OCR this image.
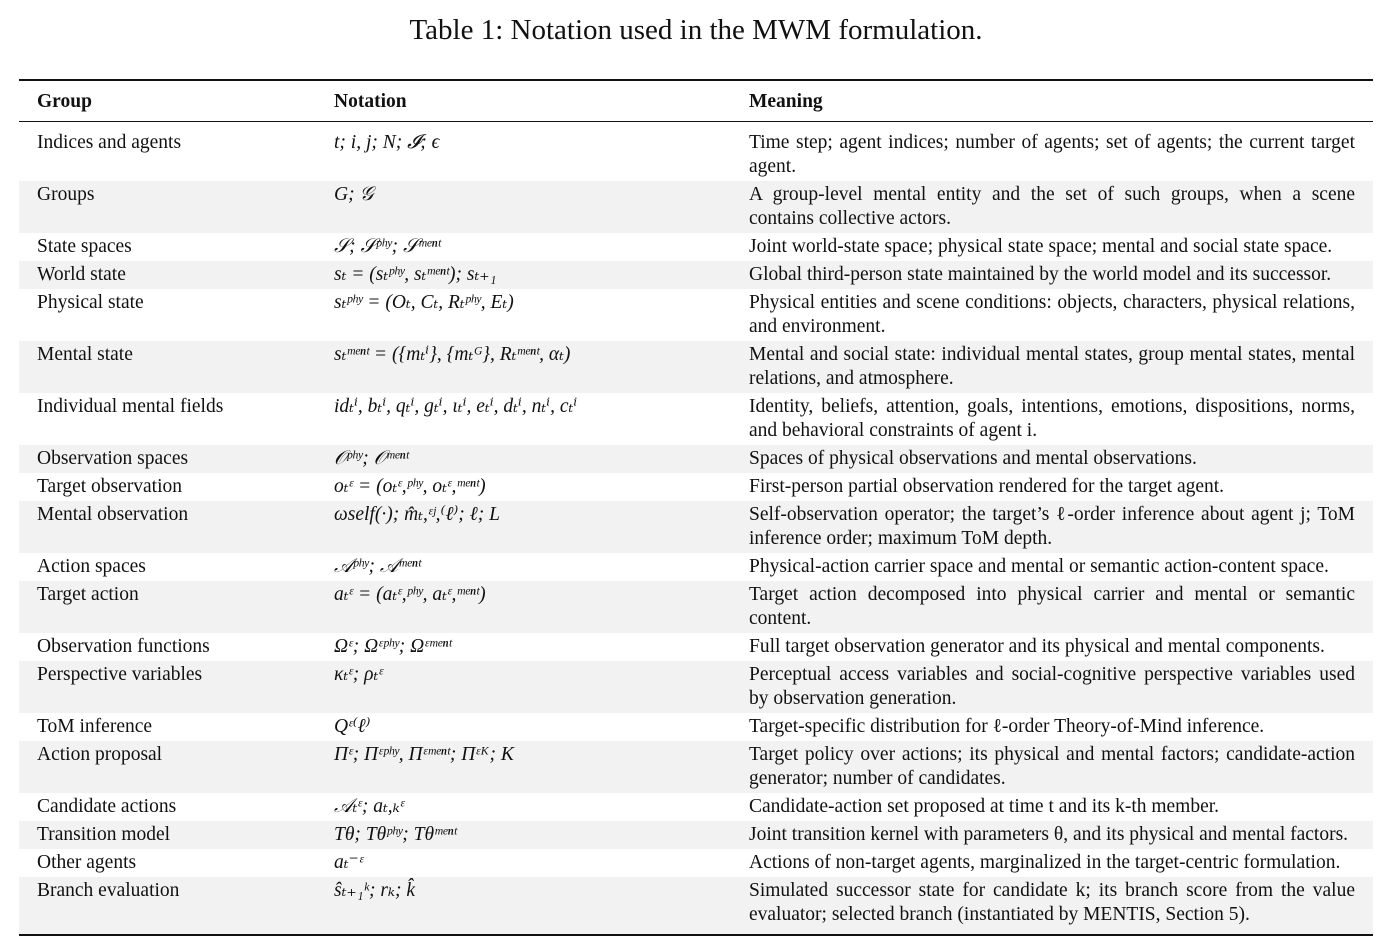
Table 1: Notation used in the MWM formulation.
Group	Notation	Meaning
Indices and agents	t; i, j; N; 𝓘; ϵ	Time step; agent indices; number of agents; set of agents; the current target agent.
Groups	G; 𝒢	A group-level mental entity and the set of such groups, when a scene contains collective actors.
State spaces	𝒮; 𝒮ᵖʰʸ; 𝒮ᵐᵉⁿᵗ	Joint world-state space; physical state space; mental and social state space.
World state	sₜ = (sₜᵖʰʸ, sₜᵐᵉⁿᵗ); sₜ₊₁	Global third-person state maintained by the world model and its successor.
Physical state	sₜᵖʰʸ = (Oₜ, Cₜ, Rₜᵖʰʸ, Eₜ)	Physical entities and scene conditions: objects, characters, physical relations, and environment.
Mental state	sₜᵐᵉⁿᵗ = ({mₜⁱ}, {mₜᴳ}, Rₜᵐᵉⁿᵗ, αₜ)	Mental and social state: individual mental states, group mental states, mental relations, and atmosphere.
Individual mental fields	idₜⁱ, bₜⁱ, qₜⁱ, gₜⁱ, ιₜⁱ, eₜⁱ, dₜⁱ, nₜⁱ, cₜⁱ	Identity, beliefs, attention, goals, intentions, emotions, dispositions, norms, and behavioral constraints of agent i.
Observation spaces	𝒪ᵖʰʸ; 𝒪ᵐᵉⁿᵗ	Spaces of physical observations and mental observations.
Target observation	oₜᵋ = (oₜᵋ,ᵖʰʸ, oₜᵋ,ᵐᵉⁿᵗ)	First-person partial observation rendered for the target agent.
Mental observation	ωself(·); m̂ₜ,ᵋʲ,⁽ℓ⁾; ℓ; L	Self-observation operator; the target’s ℓ-order inference about agent j; ToM inference order; maximum ToM depth.
Action spaces	𝒜ᵖʰʸ; 𝒜ᵐᵉⁿᵗ	Physical-action carrier space and mental or semantic action-content space.
Target action	aₜᵋ = (aₜᵋ,ᵖʰʸ, aₜᵋ,ᵐᵉⁿᵗ)	Target action decomposed into physical carrier and mental or semantic content.
Observation functions	Ωᵋ; Ωᵋᵖʰʸ; Ωᵋᵐᵉⁿᵗ	Full target observation generator and its physical and mental components.
Perspective variables	κₜᵋ; ρₜᵋ	Perceptual access variables and social-cognitive perspective variables used by observation generation.
ToM inference	Qᵋ⁽ℓ⁾	Target-specific distribution for ℓ-order Theory-of-Mind inference.
Action proposal	Πᵋ; Πᵋᵖʰʸ, Πᵋᵐᵉⁿᵗ; Πᵋᴷ; K	Target policy over actions; its physical and mental factors; candidate-action generator; number of candidates.
Candidate actions	𝒜ₜᵋ; aₜ,ₖᵋ	Candidate-action set proposed at time t and its k-th member.
Transition model	Tθ; Tθᵖʰʸ; Tθᵐᵉⁿᵗ	Joint transition kernel with parameters θ, and its physical and mental factors.
Other agents	aₜ⁻ᵋ	Actions of non-target agents, marginalized in the target-centric formulation.
Branch evaluation	ŝₜ₊₁ᵏ; rₖ; k̂	Simulated successor state for candidate k; its branch score from the value evaluator; selected branch (instantiated by MENTIS, Section 5).
